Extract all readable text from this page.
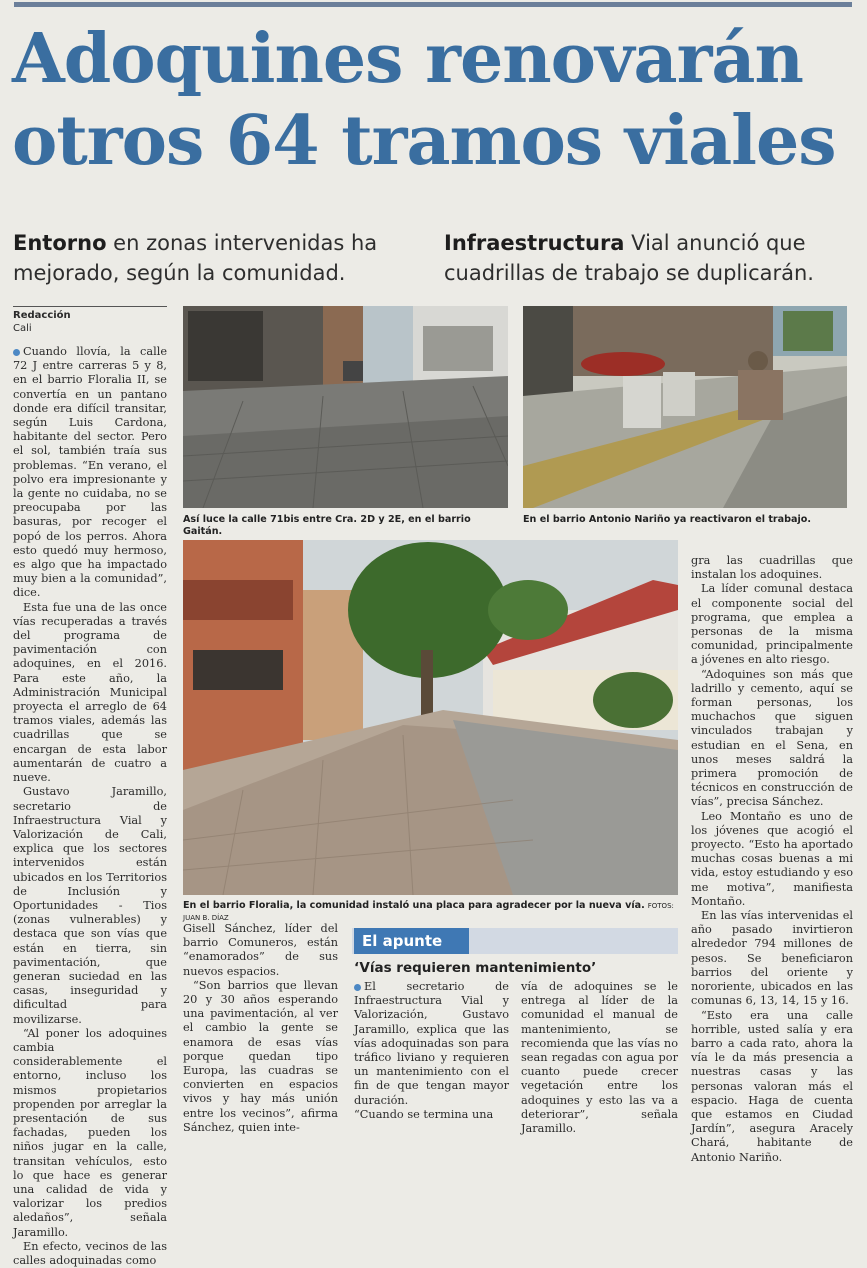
Adoquines renovarán
otros 64 tramos viales
Entorno en zonas intervenidas ha mejorado, según la comunidad.
Infraestructura Vial anunció que cuadrillas de trabajo se duplicarán.
Redacción
Cali

Cuando llovía, la calle 72 J entre carreras 5 y 8, en el barrio Floralia II, se convertía en un pantano donde era difícil transitar, según Luis Cardona, habitante del sector. Pero el sol, también traía sus problemas. “En verano, el polvo era impresionante y la gente no cuidaba, no se preocupaba por las basuras, por recoger el popó de los perros. Ahora esto quedó muy hermoso, es algo que ha impactado muy bien a la comunidad”, dice.

Esta fue una de las once vías recuperadas a través del programa de pavimentación con adoquines, en el 2016. Para este año, la Administración Municipal proyecta el arreglo de 64 tramos viales, además las cuadrillas que se encargan de esta labor aumentarán de cuatro a nueve.

Gustavo Jaramillo, secretario de Infraestructura Vial y Valorización de Cali, explica que los sectores intervenidos están ubicados en los Territorios de Inclusión y Oportunidades - Tios (zonas vulnerables) y destaca que son vías que están en tierra, sin pavimentación, que generan suciedad en las casas, inseguridad y dificultad para movilizarse.

“Al poner los adoquines cambia considerablemente el entorno, incluso los mismos propietarios propenden por arreglar la presentación de sus fachadas, pueden los niños jugar en la calle, transitan vehículos, esto lo que hace es generar una calidad de vida y valorizar los predios aledaños”, señala Jaramillo.

En efecto, vecinos de las calles adoquinadas como

Así luce la calle 71bis entre Cra. 2D y 2E, en el barrio Gaitán.
En el barrio Antonio Nariño ya reactivaron el trabajo.
En el barrio Floralia, la comunidad instaló una placa para agradecer por la nueva vía. FOTOS: JUAN B. DÍAZ

Gisell Sánchez, líder del barrio Comuneros, están “enamorados” de sus nuevos espacios.

“Son barrios que llevan 20 y 30 años esperando una pavimentación, al ver el cambio la gente se enamora de esas vías porque quedan tipo Europa, las cuadras se convierten en espacios vivos y hay más unión entre los vecinos”, afirma Sánchez, quien inte-

El apunte
‘Vías requieren mantenimiento’

El secretario de Infraestructura Vial y Valorización, Gustavo Jaramillo, explica que las vías adoquinadas son para tráfico liviano y requieren un mantenimiento con el fin de que tengan mayor duración.

“Cuando se termina una

vía de adoquines se le entrega al líder de la comunidad el manual de mantenimiento, se recomienda que las vías no sean regadas con agua por cuanto puede crecer vegetación entre los adoquines y esto las va a deteriorar”, señala Jaramillo.

gra las cuadrillas que instalan los adoquines.

La líder comunal destaca el componente social del programa, que emplea a personas de la misma comunidad, principalmente a jóvenes en alto riesgo.

“Adoquines son más que ladrillo y cemento, aquí se forman personas, los muchachos que siguen vinculados trabajan y estudian en el Sena, en unos meses saldrá la primera promoción de técnicos en construcción de vías”, precisa Sánchez.

Leo Montaño es uno de los jóvenes que acogió el proyecto. “Esto ha aportado muchas cosas buenas a mi vida, estoy estudiando y eso me motiva”, manifiesta Montaño.

En las vías intervenidas el año pasado invirtieron alrededor 794 millones de pesos. Se beneficiaron barrios del oriente y nororiente, ubicados en las comunas 6, 13, 14, 15 y 16.

“Esto era una calle horrible, usted salía y era barro a cada rato, ahora la vía le da más presencia a nuestras casas y las personas valoran más el espacio. Haga de cuenta que estamos en Ciudad Jardín”, asegura Aracely Chará, habitante de Antonio Nariño.
